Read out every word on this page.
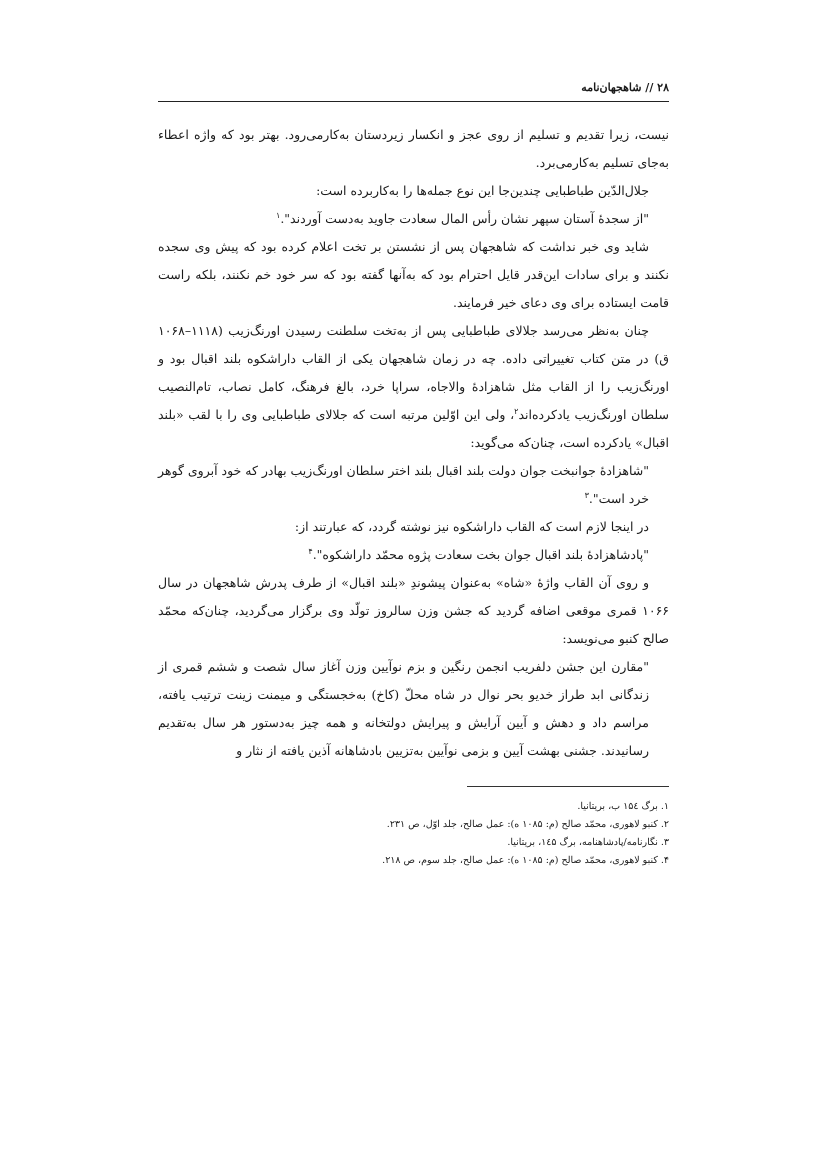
۲۸ // شاهجهان‌نامه

نیست، زیرا تقدیم و تسلیم از روی عجز و انکسار زیردستان به‌کارمی‌رود. بهتر بود که واژه اعطاء به‌جای تسلیم به‌کارمی‌برد.

جلال‌الدّین طباطبایی چندین‌جا این نوع جمله‌ها را به‌کاربرده است:

"از سجدهٔ آستان سپهر نشان رأس المال سعادت جاوید به‌دست آوردند".$^۱$

شاید وی خبر نداشت که شاهجهان پس از نشستن بر تخت اعلام کرده بود که پیش وی سجده نکنند و برای سادات این‌قدر قایل احترام بود که به‌آنها گفته بود که سر خود خم نکنند، بلکه راست قامت ایستاده برای وی دعای خیر فرمایند.

چنان به‌نظر می‌رسد جلالای طباطبایی پس از به‌تخت سلطنت رسیدن اورنگ‌زیب (۱۱۱۸–۱۰۶۸ ق) در متن کتاب تغییراتی داده. چه در زمان شاهجهان یکی از القاب داراشکوه بلند اقبال بود و اورنگ‌زیب را از القاب مثل شاهزادهٔ والاجاه، سراپا خرد، بالغ فرهنگ، کامل نصاب، تام‌النصیب سلطان اورنگ‌زیب یادکرده‌اند$^۲$، ولی این اوّلین مرتبه است که جلالای طباطبایی وی را با لقب «بلند اقبال» یادکرده است، چنان‌که می‌گوید:

"شاهزادهٔ جوانبخت جوان دولت بلند اقبال بلند اختر سلطان اورنگ‌زیب بهادر که خود آبروی گوهر خرد است".$^۳$

در اینجا لازم است که القاب داراشکوه نیز نوشته گردد، که عبارتند از:

"پادشاهزادهٔ بلند اقبال جوان بخت سعادت پژوه محمّد داراشکوه".$^۴$

و روی آن القاب واژهٔ «شاه» به‌عنوان پیشوندِ «بلند اقبال» از طرف پدرش شاهجهان در سال ۱۰۶۶ قمری موقعی اضافه گردید که جشن وزن سالروز تولّد وی برگزار می‌گردید، چنان‌که محمّد صالح کنبو می‌نویسد:

"مقارن این جشن دلفریب انجمن رنگین و بزم نوآیین وزن آغاز سال شصت و ششم قمری از زندگانی ابد طراز خدیو بحر نوال در شاه محلّ (کاخ) به‌خجستگی و میمنت زینت ترتیب یافته، مراسم داد و دهش و آیین آرایش و پیرایش دولتخانه و همه چیز به‌دستور هر سال به‌تقدیم رسانیدند. جشنی بهشت آیین و بزمی نوآیین به‌تزیین بادشاهانه آذین یافته از نثار و

۱. برگ ۱۵٤ ب، بریتانیا.
۲. کنبو لاهوری، محمّد صالح (م: ۱۰۸۵ ه): عمل صالح، جلد اوّل، ص ۲۳۱.
۳. نگارنامه/پادشاهنامه، برگ ۱٤۵، بریتانیا.
۴. کنبو لاهوری، محمّد صالح (م: ۱۰۸۵ ه): عمل صالح، جلد سوم، ص ۲۱۸.
